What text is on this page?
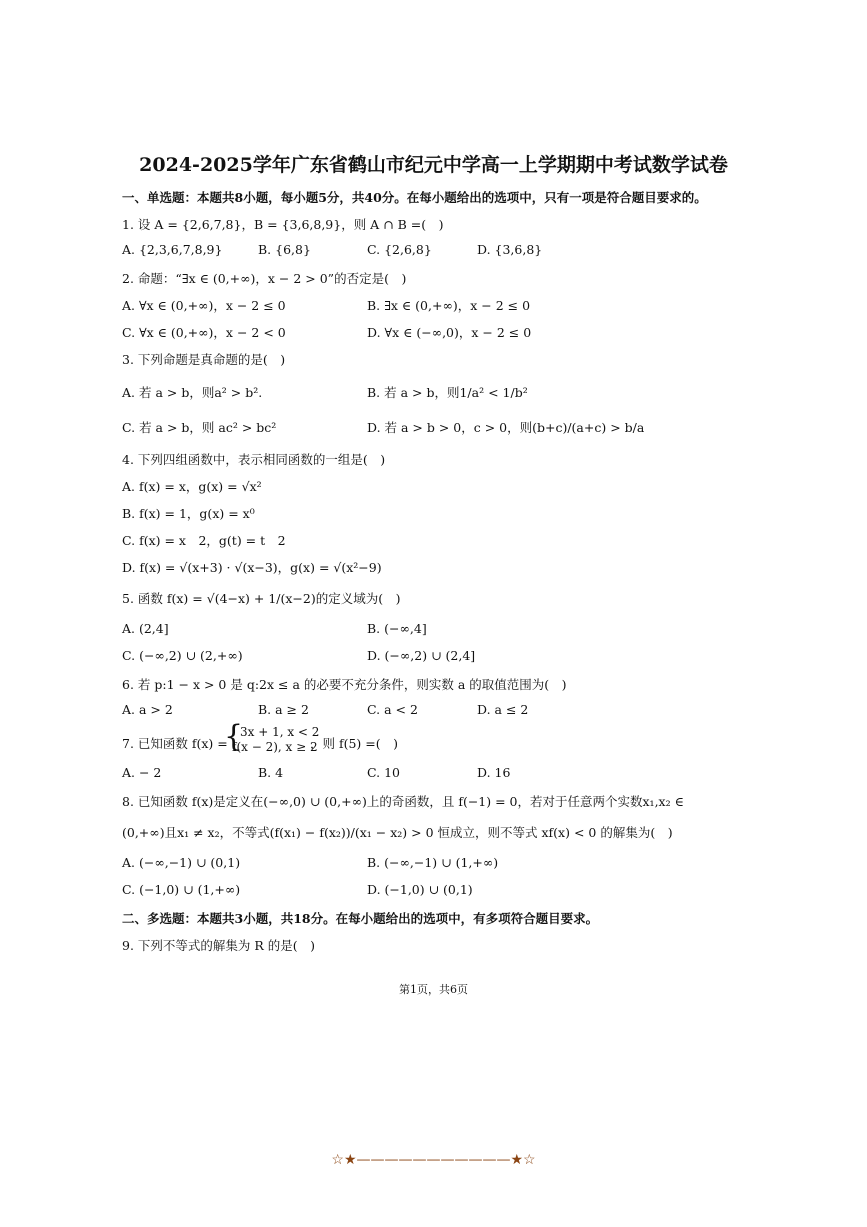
2024-2025学年广东省鹤山市纪元中学高一上学期期中考试数学试卷
一、单选题：本题共8小题，每小题5分，共40分。在每小题给出的选项中，只有一项是符合题目要求的。
1. 设 A = {2,6,7,8}，B = {3,6,8,9}，则 A ∩ B =(　)
A. {2,3,6,7,8,9}	B. {6,8}	C. {2,6,8}	D. {3,6,8}
2. 命题：“∃x ∈ (0,+∞)，x − 2 > 0”的否定是(　)
A. ∀x ∈ (0,+∞)，x − 2 ≤ 0	B. ∃x ∈ (0,+∞)，x − 2 ≤ 0
C. ∀x ∈ (0,+∞)，x − 2 < 0	D. ∀x ∈ (−∞,0)，x − 2 ≤ 0
3. 下列命题是真命题的是(　)
A. 若 a > b，则a² > b².	B. 若 a > b，则1/a² < 1/b²
C. 若 a > b，则 ac² > bc²	D. 若 a > b > 0，c > 0，则(b+c)/(a+c) > b/a
4. 下列四组函数中，表示相同函数的一组是(　)
A. f(x) = x，g(x) = √x²
B. f(x) = 1，g(x) = x⁰
C. f(x) = x　2，g(t) = t　2
D. f(x) = √(x+3) · √(x−3)，g(x) = √(x²−9)
5. 函数 f(x) = √(4−x) + 1/(x−2)的定义域为(　)
A. (2,4]	B. (−∞,4]
C. (−∞,2) ∪ (2,+∞)	D. (−∞,2) ∪ (2,4]
6. 若 p:1 − x > 0 是 q:2x ≤ a 的必要不充分条件，则实数 a 的取值范围为(　)
A. a > 2	B. a ≥ 2	C. a < 2	D. a ≤ 2
7. 已知函数 f(x) =
{
3x + 1, x < 2
f(x − 2), x ≥ 2
，则 f(5) =(　)
A. − 2	B. 4	C. 10	D. 16
8. 已知函数 f(x)是定义在(−∞,0) ∪ (0,+∞)上的奇函数，且 f(−1) = 0，若对于任意两个实数x₁,x₂ ∈
(0,+∞)且x₁ ≠ x₂，不等式(f(x₁) − f(x₂))/(x₁ − x₂) > 0 恒成立，则不等式 xf(x) < 0 的解集为(　)
A. (−∞,−1) ∪ (0,1)	B. (−∞,−1) ∪ (1,+∞)
C. (−1,0) ∪ (1,+∞)	D. (−1,0) ∪ (0,1)
二、多选题：本题共3小题，共18分。在每小题给出的选项中，有多项符合题目要求。
9. 下列不等式的解集为 R 的是(　)
第1页，共6页
☆★———————————★☆
